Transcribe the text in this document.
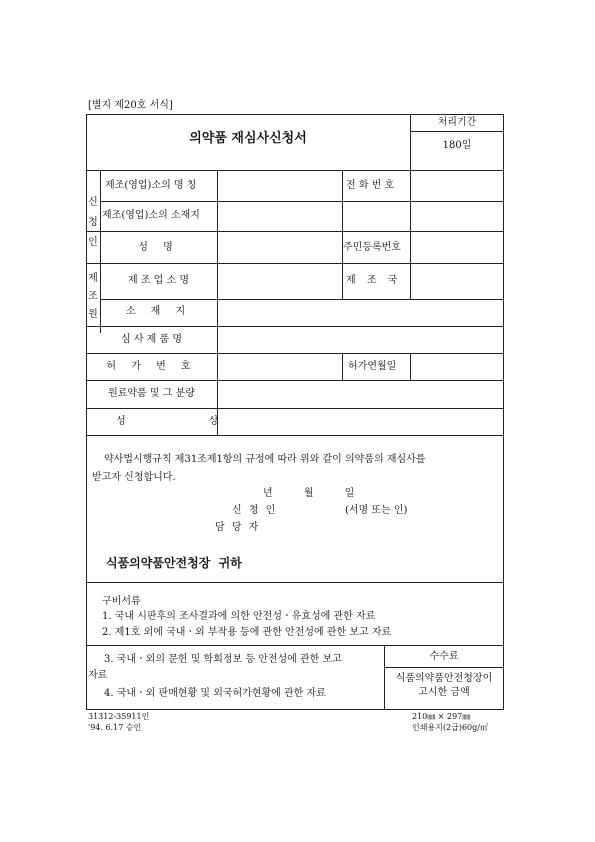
[별지 제20호 서식]
의약품 재심사신청서
처리기간
180일
신청인
제조(영업)소의 명 칭
제조(영업)소의 소재지
성 명
전 화 번 호
주민등록번호
제조원
제 조 업 소 명
소 재 지
제 조 국
심 사 제 품 명
허 가 번 호	허가연월일
원료약품 및 그 분량
성 상
약사법시행규칙 제31조제1항의 규정에 따라 위와 같이 의약품의 재심사를
받고자 신청합니다.
년 월 일
신 청 인	(서명 또는 인)
담 당 자
식품의약품안전청장  귀하
구비서류
1. 국내 시판후의 조사결과에 의한 안전성ㆍ유효성에 관한 자료
2. 제1호 외에 국내ㆍ외 부작용 등에 관한 안전성에 관한 보고 자료
3. 국내ㆍ외의 문헌 및 학회정보 등 안전성에 관한 보고
자료
4. 국내ㆍ외 판매현황 및 외국허가현황에 관한 자료
수수료
식품의약품안전청장이
고시한 금액
31312-35911인
'94. 6.17 승인
210㎜ × 297㎜
인쇄용지(2급)60g/㎡
